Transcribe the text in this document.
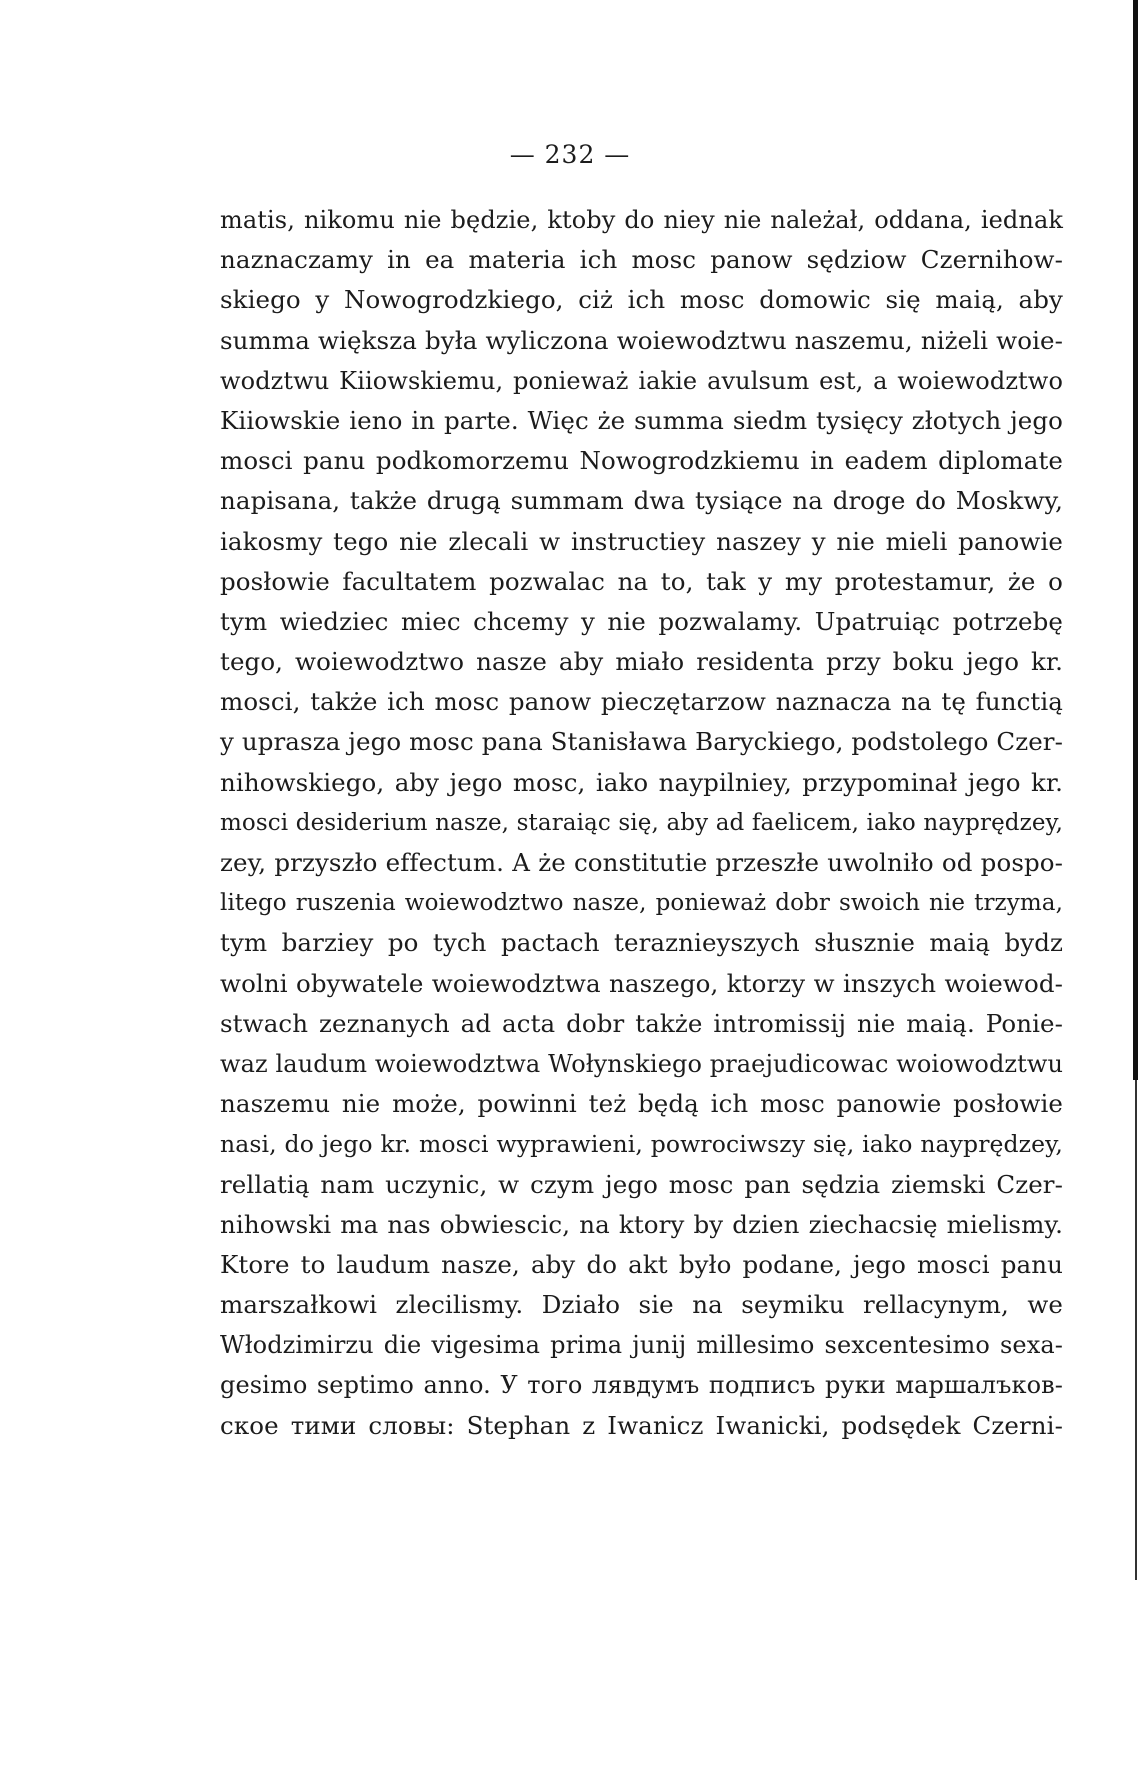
— 232 —
matis, nikomu nie będzie, ktoby do niey nie należał, oddana, iednak
naznaczamy in ea materia ich mosc panow sędziow Czernihow-
skiego y Nowogrodzkiego, ciż ich mosc domowic się maią, aby
summa większa była wyliczona woiewodztwu naszemu, niżeli woie-
wodztwu Kiiowskiemu, ponieważ iakie avulsum est, a woiewodztwo
Kiiowskie ieno in parte. Więc że summa siedm tysięcy złotych jego
mosci panu podkomorzemu Nowogrodzkiemu in eadem diplomate
napisana, także drugą summam dwa tysiące na droge do Moskwy,
iakosmy tego nie zlecali w instructiey naszey y nie mieli panowie
posłowie facultatem pozwalac na to, tak y my protestamur, że o
tym wiedziec miec chcemy y nie pozwalamy. Upatruiąc potrzebę
tego, woiewodztwo nasze aby miało residenta przy boku jego kr.
mosci, także ich mosc panow pieczętarzow naznacza na tę functią
y uprasza jego mosc pana Stanisława Baryckiego, podstolego Czer-
nihowskiego, aby jego mosc, iako naypilniey, przypominał jego kr.
mosci desiderium nasze, staraiąc się, aby ad faelicem, iako nayprędzey,
zey, przyszło effectum. A że constitutie przeszłe uwolniło od pospo-
litego ruszenia woiewodztwo nasze, ponieważ dobr swoich nie trzyma,
tym barziey po tych pactach teraznieyszych słusznie maią bydz
wolni obywatele woiewodztwa naszego, ktorzy w inszych woiewod-
stwach zeznanych ad acta dobr także intromissij nie maią. Ponie-
waz laudum woiewodztwa Wołynskiego praejudicowac woiowodztwu
naszemu nie może, powinni też będą ich mosc panowie posłowie
nasi, do jego kr. mosci wyprawieni, powrociwszy się, iako nayprędzey,
rellatią nam uczynic, w czym jego mosc pan sędzia ziemski Czer-
nihowski ma nas obwiescic, na ktory by dzien ziechacsię mielismy.
Ktore to laudum nasze, aby do akt było podane, jego mosci panu
marszałkowi zlecilismy. Działo sie na seymiku rellacynym, we
Włodzimirzu die vigesima prima junij millesimo sexcentesimo sexa-
gesimo septimo anno. У того лявдумъ подписъ руки маршалъков-
ское тими словы: Stephan z Iwanicz Iwanicki, podsędek Czerni-
